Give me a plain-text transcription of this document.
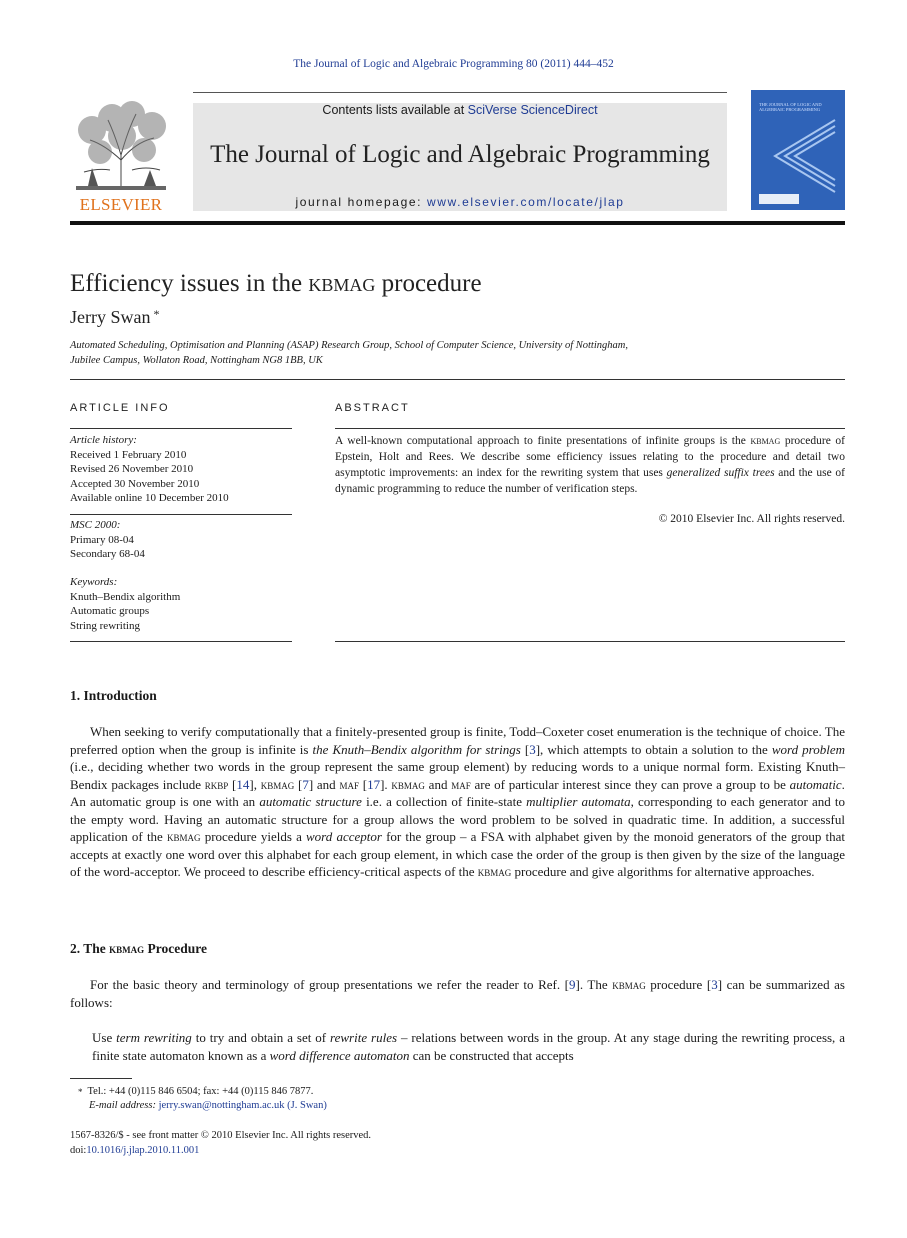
The Journal of Logic and Algebraic Programming 80 (2011) 444–452
ELSEVIER
Contents lists available at SciVerse ScienceDirect
The Journal of Logic and Algebraic Programming
journal homepage: www.elsevier.com/locate/jlap
THE JOURNAL OF LOGIC AND ALGEBRAIC PROGRAMMING
Efficiency issues in the kbmag procedure
Jerry Swan *
Automated Scheduling, Optimisation and Planning (ASAP) Research Group, School of Computer Science, University of Nottingham,
Jubilee Campus, Wollaton Road, Nottingham NG8 1BB, UK
ARTICLE INFO	ABSTRACT
Article history:
Received 1 February 2010
Revised 26 November 2010
Accepted 30 November 2010
Available online 10 December 2010
MSC 2000:
Primary 08-04
Secondary 68-04
Keywords:
Knuth–Bendix algorithm
Automatic groups
String rewriting
A well-known computational approach to finite presentations of infinite groups is the kbmag procedure of Epstein, Holt and Rees. We describe some efficiency issues relating to the procedure and detail two asymptotic improvements: an index for the rewriting system that uses generalized suffix trees and the use of dynamic programming to reduce the number of verification steps.
© 2010 Elsevier Inc. All rights reserved.
1. Introduction
When seeking to verify computationally that a finitely-presented group is finite, Todd–Coxeter coset enumeration is the technique of choice. The preferred option when the group is infinite is the Knuth–Bendix algorithm for strings [3], which attempts to obtain a solution to the word problem (i.e., deciding whether two words in the group represent the same group element) by reducing words to a unique normal form. Existing Knuth–Bendix packages include rkbp [14], kbmag [7] and maf [17]. kbmag and maf are of particular interest since they can prove a group to be automatic. An automatic group is one with an automatic structure i.e. a collection of finite-state multiplier automata, corresponding to each generator and to the empty word. Having an automatic structure for a group allows the word problem to be solved in quadratic time. In addition, a successful application of the kbmag procedure yields a word acceptor for the group – a FSA with alphabet given by the monoid generators of the group that accepts at exactly one word over this alphabet for each group element, in which case the order of the group is then given by the size of the language of the word-acceptor. We proceed to describe efficiency-critical aspects of the kbmag procedure and give algorithms for alternative approaches.
2. The kbmag Procedure
For the basic theory and terminology of group presentations we refer the reader to Ref. [9]. The kbmag procedure [3] can be summarized as follows:
Use term rewriting to try and obtain a set of rewrite rules – relations between words in the group. At any stage during the rewriting process, a finite state automaton known as a word difference automaton can be constructed that accepts
* Tel.: +44 (0)115 846 6504; fax: +44 (0)115 846 7877.
E-mail address: jerry.swan@nottingham.ac.uk (J. Swan)
1567-8326/$ - see front matter © 2010 Elsevier Inc. All rights reserved.
doi:10.1016/j.jlap.2010.11.001
